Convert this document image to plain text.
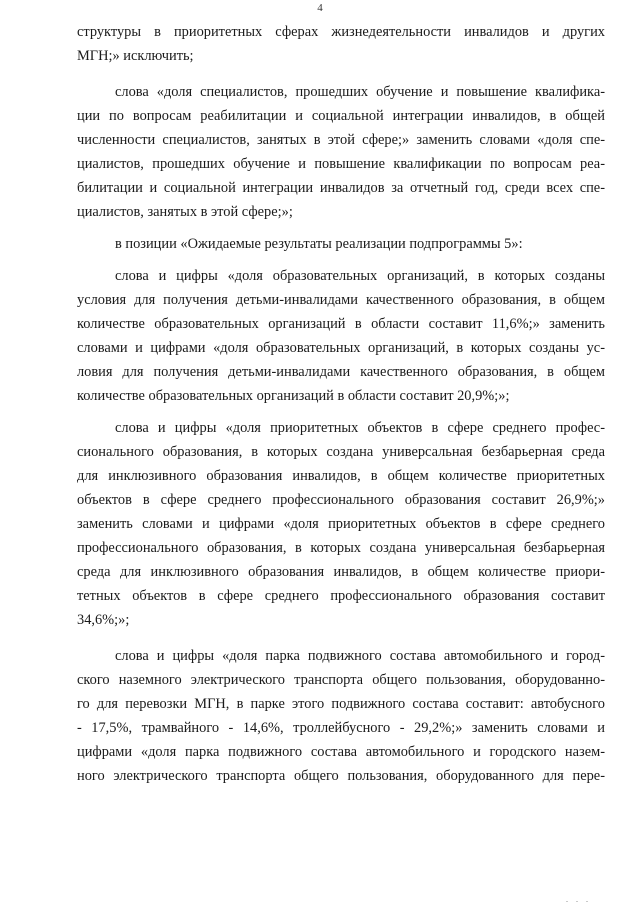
4
структуры в приоритетных сферах жизнедеятельности инвалидов и других
МГН;» исключить;
слова «доля специалистов, прошедших обучение и повышение квалифика-
ции по вопросам реабилитации и социальной интеграции инвалидов, в общей
численности специалистов, занятых в этой сфере;» заменить словами «доля спе-
циалистов, прошедших обучение и повышение квалификации по вопросам реа-
билитации и социальной интеграции инвалидов за отчетный год, среди всех спе-
циалистов, занятых в этой сфере;»;
в позиции «Ожидаемые результаты реализации подпрограммы 5»:
слова и цифры «доля образовательных организаций, в которых созданы
условия для получения детьми-инвалидами качественного образования, в общем
количестве образовательных организаций в области составит 11,6%;» заменить
словами и цифрами «доля образовательных организаций, в которых созданы ус-
ловия для получения детьми-инвалидами качественного образования, в общем
количестве образовательных организаций в области составит 20,9%;»;
слова и цифры «доля приоритетных объектов в сфере среднего профес-
сионального образования, в которых создана универсальная безбарьерная среда
для инклюзивного образования инвалидов, в общем количестве приоритетных
объектов в сфере среднего профессионального образования составит 26,9%;»
заменить словами и цифрами «доля приоритетных объектов в сфере среднего
профессионального образования, в которых создана универсальная безбарьерная
среда для инклюзивного образования инвалидов, в общем количестве приори-
тетных объектов в сфере среднего профессионального образования составит
34,6%;»;
слова и цифры «доля парка подвижного состава автомобильного и город-
ского наземного электрического транспорта общего пользования, оборудованно-
го для перевозки МГН, в парке этого подвижного состава составит: автобусного
- 17,5%, трамвайного - 14,6%, троллейбусного - 29,2%;» заменить словами и
цифрами «доля парка подвижного состава автомобильного и городского назем-
ного электрического транспорта общего пользования, оборудованного для пере-
. . .
